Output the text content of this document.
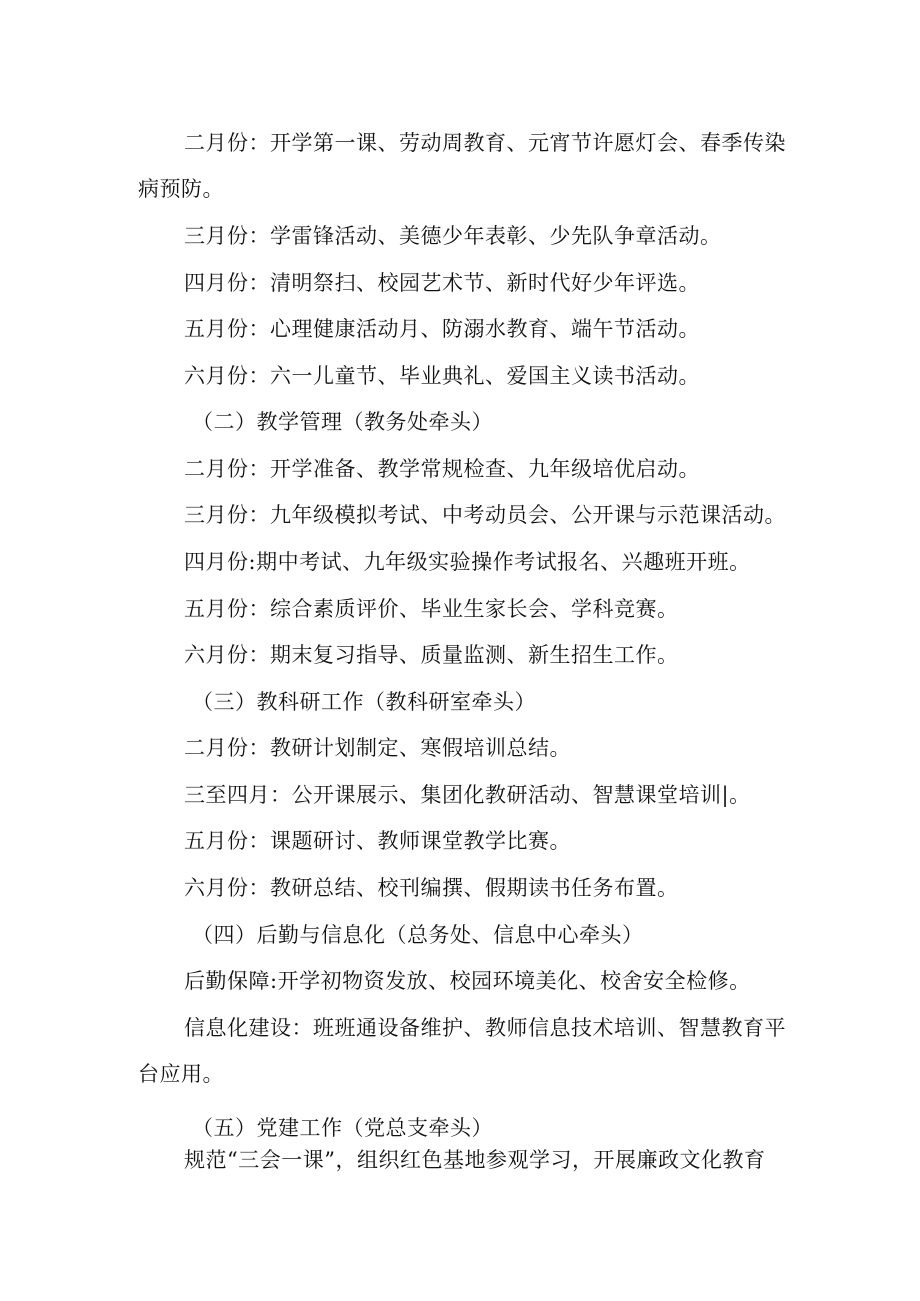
二月份：开学第一课、劳动周教育、元宵节许愿灯会、春季传染

病预防。

三月份：学雷锋活动、美德少年表彰、少先队争章活动。

四月份：清明祭扫、校园艺术节、新时代好少年评选。

五月份：心理健康活动月、防溺水教育、端午节活动。

六月份：六一儿童节、毕业典礼、爱国主义读书活动。

（二）教学管理（教务处牵头）

二月份：开学准备、教学常规检查、九年级培优启动。

三月份：九年级模拟考试、中考动员会、公开课与示范课活动。

四月份:期中考试、九年级实验操作考试报名、兴趣班开班。

五月份：综合素质评价、毕业生家长会、学科竞赛。

六月份：期末复习指导、质量监测、新生招生工作。

（三）教科研工作（教科研室牵头）

二月份：教研计划制定、寒假培训总结。

三至四月：公开课展示、集团化教研活动、智慧课堂培训|。

五月份：课题研讨、教师课堂教学比赛。

六月份：教研总结、校刊编撰、假期读书任务布置。

（四）后勤与信息化（总务处、信息中心牵头）

后勤保障:开学初物资发放、校园环境美化、校舍安全检修。

信息化建设：班班通设备维护、教师信息技术培训、智慧教育平

台应用。

（五）党建工作（党总支牵头）

规范“三会一课”，组织红色基地参观学习，开展廉政文化教育
